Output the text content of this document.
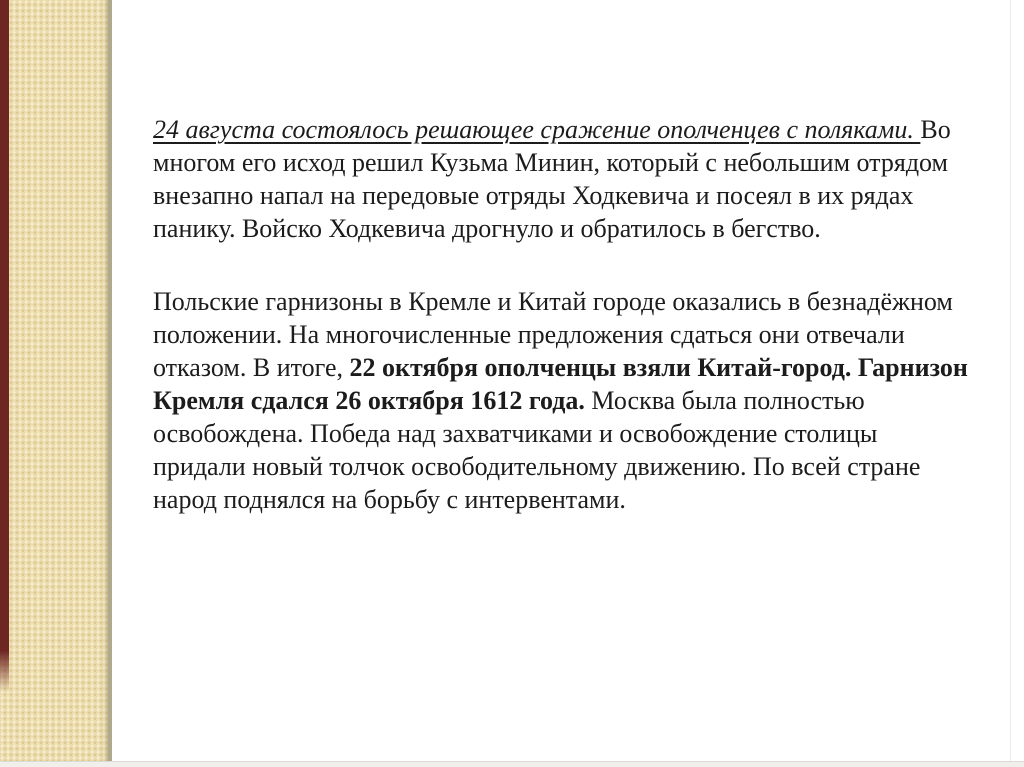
24 августа состоялось решающее сражение ополченцев с поляками. Во многом его исход решил Кузьма Минин, который с небольшим отрядом внезапно напал на передовые отряды Ходкевича и посеял в их рядах панику. Войско Ходкевича дрогнуло и обратилось в бегство.

Польские гарнизоны в Кремле и Китай городе оказались в безнадёжном положении. На многочисленные предложения сдаться они отвечали отказом. В итоге, 22 октября ополченцы взяли Китай-город. Гарнизон Кремля сдался 26 октября 1612 года. Москва была полностью освобождена. Победа над захватчиками и освобождение столицы придали новый толчок освободительному движению. По всей стране народ поднялся на борьбу с интервентами.
